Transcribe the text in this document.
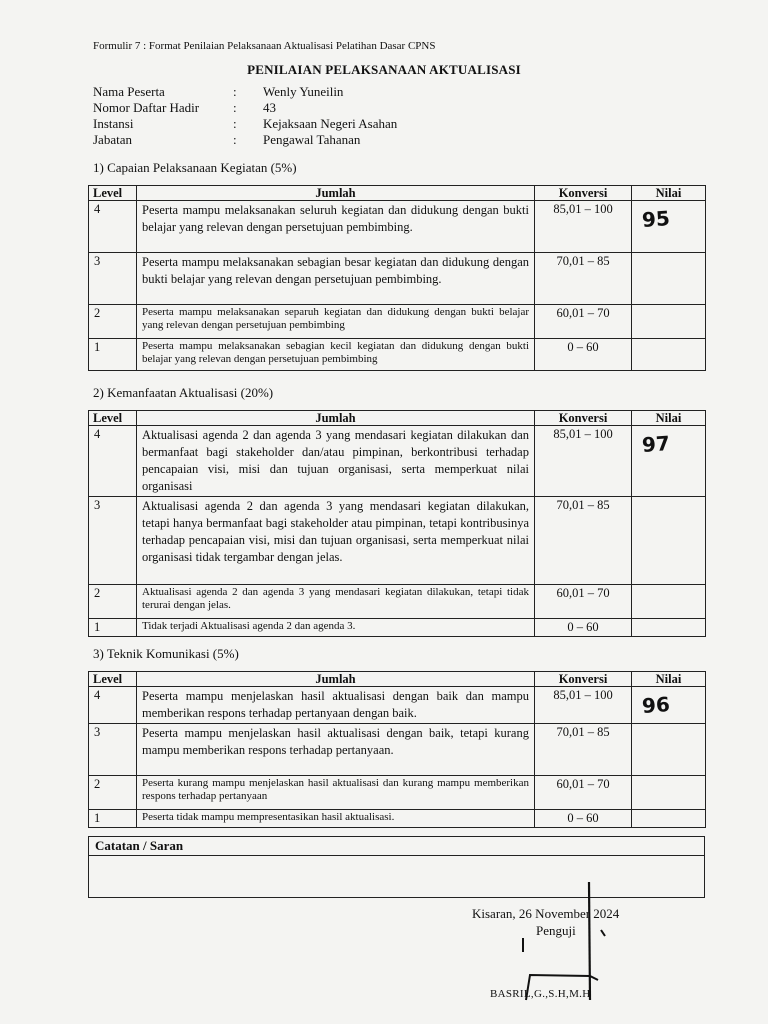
Formulir 7 : Format Penilaian Pelaksanaan Aktualisasi Pelatihan Dasar CPNS
PENILAIAN PELAKSANAAN AKTUALISASI
Nama Peserta	:	Wenly Yuneilin
Nomor Daftar Hadir	:	43
Instansi	:	Kejaksaan Negeri Asahan
Jabatan	:	Pengawal Tahanan
1) Capaian Pelaksanaan Kegiatan (5%)
Level	Jumlah	Konversi	Nilai
4	Peserta mampu melaksanakan seluruh kegiatan dan didukung dengan bukti belajar yang relevan dengan persetujuan pembimbing.	85,01 – 100	95

3	Peserta mampu melaksanakan sebagian besar kegiatan dan didukung dengan bukti belajar yang relevan dengan persetujuan pembimbing.	70,01 – 85	
2	Peserta mampu melaksanakan separuh kegiatan dan didukung dengan bukti belajar yang relevan dengan persetujuan pembimbing	60,01 – 70	
1	Peserta mampu melaksanakan sebagian kecil kegiatan dan didukung dengan bukti belajar yang relevan dengan persetujuan pembimbing	0 – 60	
2) Kemanfaatan Aktualisasi (20%)
Level	Jumlah	Konversi	Nilai
4	Aktualisasi agenda 2 dan agenda 3 yang mendasari kegiatan dilakukan dan bermanfaat bagi stakeholder dan/atau pimpinan, berkontribusi terhadap pencapaian visi, misi dan tujuan organisasi, serta memperkuat nilai organisasi	85,01 – 100	97

3	Aktualisasi agenda 2 dan agenda 3 yang mendasari kegiatan dilakukan, tetapi hanya bermanfaat bagi stakeholder atau pimpinan, tetapi kontribusinya terhadap pencapaian visi, misi dan tujuan organisasi, serta memperkuat nilai organisasi tidak tergambar dengan jelas.	70,01 – 85	
2	Aktualisasi agenda 2 dan agenda 3 yang mendasari kegiatan dilakukan, tetapi tidak terurai dengan jelas.	60,01 – 70	
1	Tidak terjadi Aktualisasi agenda 2 dan agenda 3.	0 – 60	
3) Teknik Komunikasi (5%)
Level	Jumlah	Konversi	Nilai
4	Peserta mampu menjelaskan hasil aktualisasi dengan baik dan mampu memberikan respons terhadap pertanyaan dengan baik.	85,01 – 100	96

3	Peserta mampu menjelaskan hasil aktualisasi dengan baik, tetapi kurang mampu memberikan respons terhadap pertanyaan.	70,01 – 85	
2	Peserta kurang mampu menjelaskan hasil aktualisasi dan kurang mampu memberikan respons terhadap pertanyaan	60,01 – 70	
1	Peserta tidak mampu mempresentasikan hasil aktualisasi.	0 – 60	
Catatan / Saran
Kisaran, 26 November 2024
Penguji
BASRIL,G.,S.H,M.H
